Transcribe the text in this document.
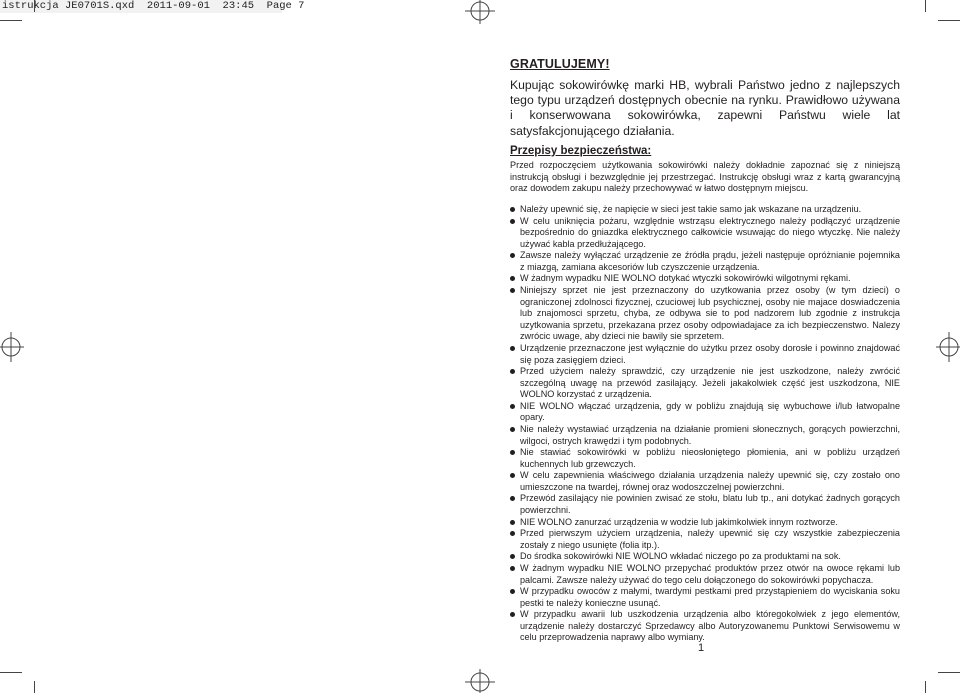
istrukcja JE0701S.qxd  2011-09-01  23:45  Page 7
GRATULUJEMY!
Kupując sokowirówkę marki HB, wybrali Państwo jedno z najlepszych tego typu urządzeń dostępnych obecnie na rynku. Prawidłowo używana i konserwowana sokowirówka, zapewni Państwu wiele lat satysfakcjonującego działania.
Przepisy bezpieczeństwa:
Przed rozpoczęciem użytkowania sokowirówki należy dokładnie zapoznać się z niniejszą instrukcją obsługi i bezwzględnie jej przestrzegać. Instrukcję obsługi wraz z kartą gwarancyjną oraz dowodem zakupu należy przechowywać w łatwo dostępnym miejscu.
Należy upewnić się, że napięcie w sieci jest takie samo jak wskazane na urządzeniu.
W celu uniknięcia pożaru, względnie wstrząsu elektrycznego należy podłączyć urządzenie bezpośrednio do gniazdka elektrycznego całkowicie wsuwając do niego wtyczkę. Nie należy używać kabla przedłużającego.
Zawsze należy wyłączać urządzenie ze źródła prądu, jeżeli następuje opróżnianie pojemnika z miazgą, zamiana akcesoriów lub czyszczenie urządzenia.
W żadnym wypadku NIE WOLNO dotykać wtyczki sokowirówki wilgotnymi rękami.
Niniejszy sprzet nie jest przeznaczony do uzytkowania przez osoby (w tym dzieci) o ograniczonej zdolnosci fizycznej, czuciowej lub psychicznej, osoby nie majace doswiadczenia lub znajomosci sprzetu, chyba, ze odbywa sie to pod nadzorem lub zgodnie z instrukcja uzytkowania sprzetu, przekazana przez osoby odpowiadajace za ich bezpieczenstwo. Nalezy zwrócic uwage, aby dzieci nie bawily sie sprzetem.
Urządzenie przeznaczone jest wyłącznie do użytku przez osoby dorosłe i powinno znajdować się poza zasięgiem dzieci.
Przed użyciem należy sprawdzić, czy urządzenie nie jest uszkodzone, należy zwrócić szczególną uwagę na przewód zasilający. Jeżeli jakakolwiek część jest uszkodzona, NIE WOLNO korzystać z urządzenia.
NIE WOLNO włączać urządzenia, gdy w pobliżu znajdują się wybuchowe i/lub łatwopalne opary.
Nie należy wystawiać urządzenia na działanie promieni słonecznych, gorących powierzchni, wilgoci, ostrych krawędzi i tym podobnych.
Nie stawiać sokowirówki w pobliżu nieosłoniętego płomienia, ani w pobliżu urządzeń kuchennych lub grzewczych.
W celu zapewnienia właściwego działania urządzenia należy upewnić się, czy zostało ono umieszczone na twardej, równej oraz wodoszczelnej powierzchni.
Przewód zasilający nie powinien zwisać ze stołu, blatu lub tp., ani dotykać żadnych gorących powierzchni.
NIE WOLNO zanurzać urządzenia w wodzie lub jakimkolwiek innym roztworze.
Przed pierwszym użyciem urządzenia, należy upewnić się czy wszystkie zabezpieczenia zostały z niego usunięte (folia itp.).
Do środka sokowirówki NIE WOLNO wkładać niczego po za produktami na sok.
W żadnym wypadku NIE WOLNO przepychać produktów przez otwór na owoce rękami lub palcami. Zawsze należy używać do tego celu dołączonego do sokowirówki popychacza.
W przypadku owoców z małymi, twardymi pestkami pred przystąpieniem do wyciskania soku pestki te należy konieczne usunąć.
W przypadku awarii lub uszkodzenia urządzenia albo któregokolwiek z jego elementów, urządzenie należy dostarczyć Sprzedawcy albo Autoryzowanemu Punktowi Serwisowemu w celu przeprowadzenia naprawy albo wymiany.
1
